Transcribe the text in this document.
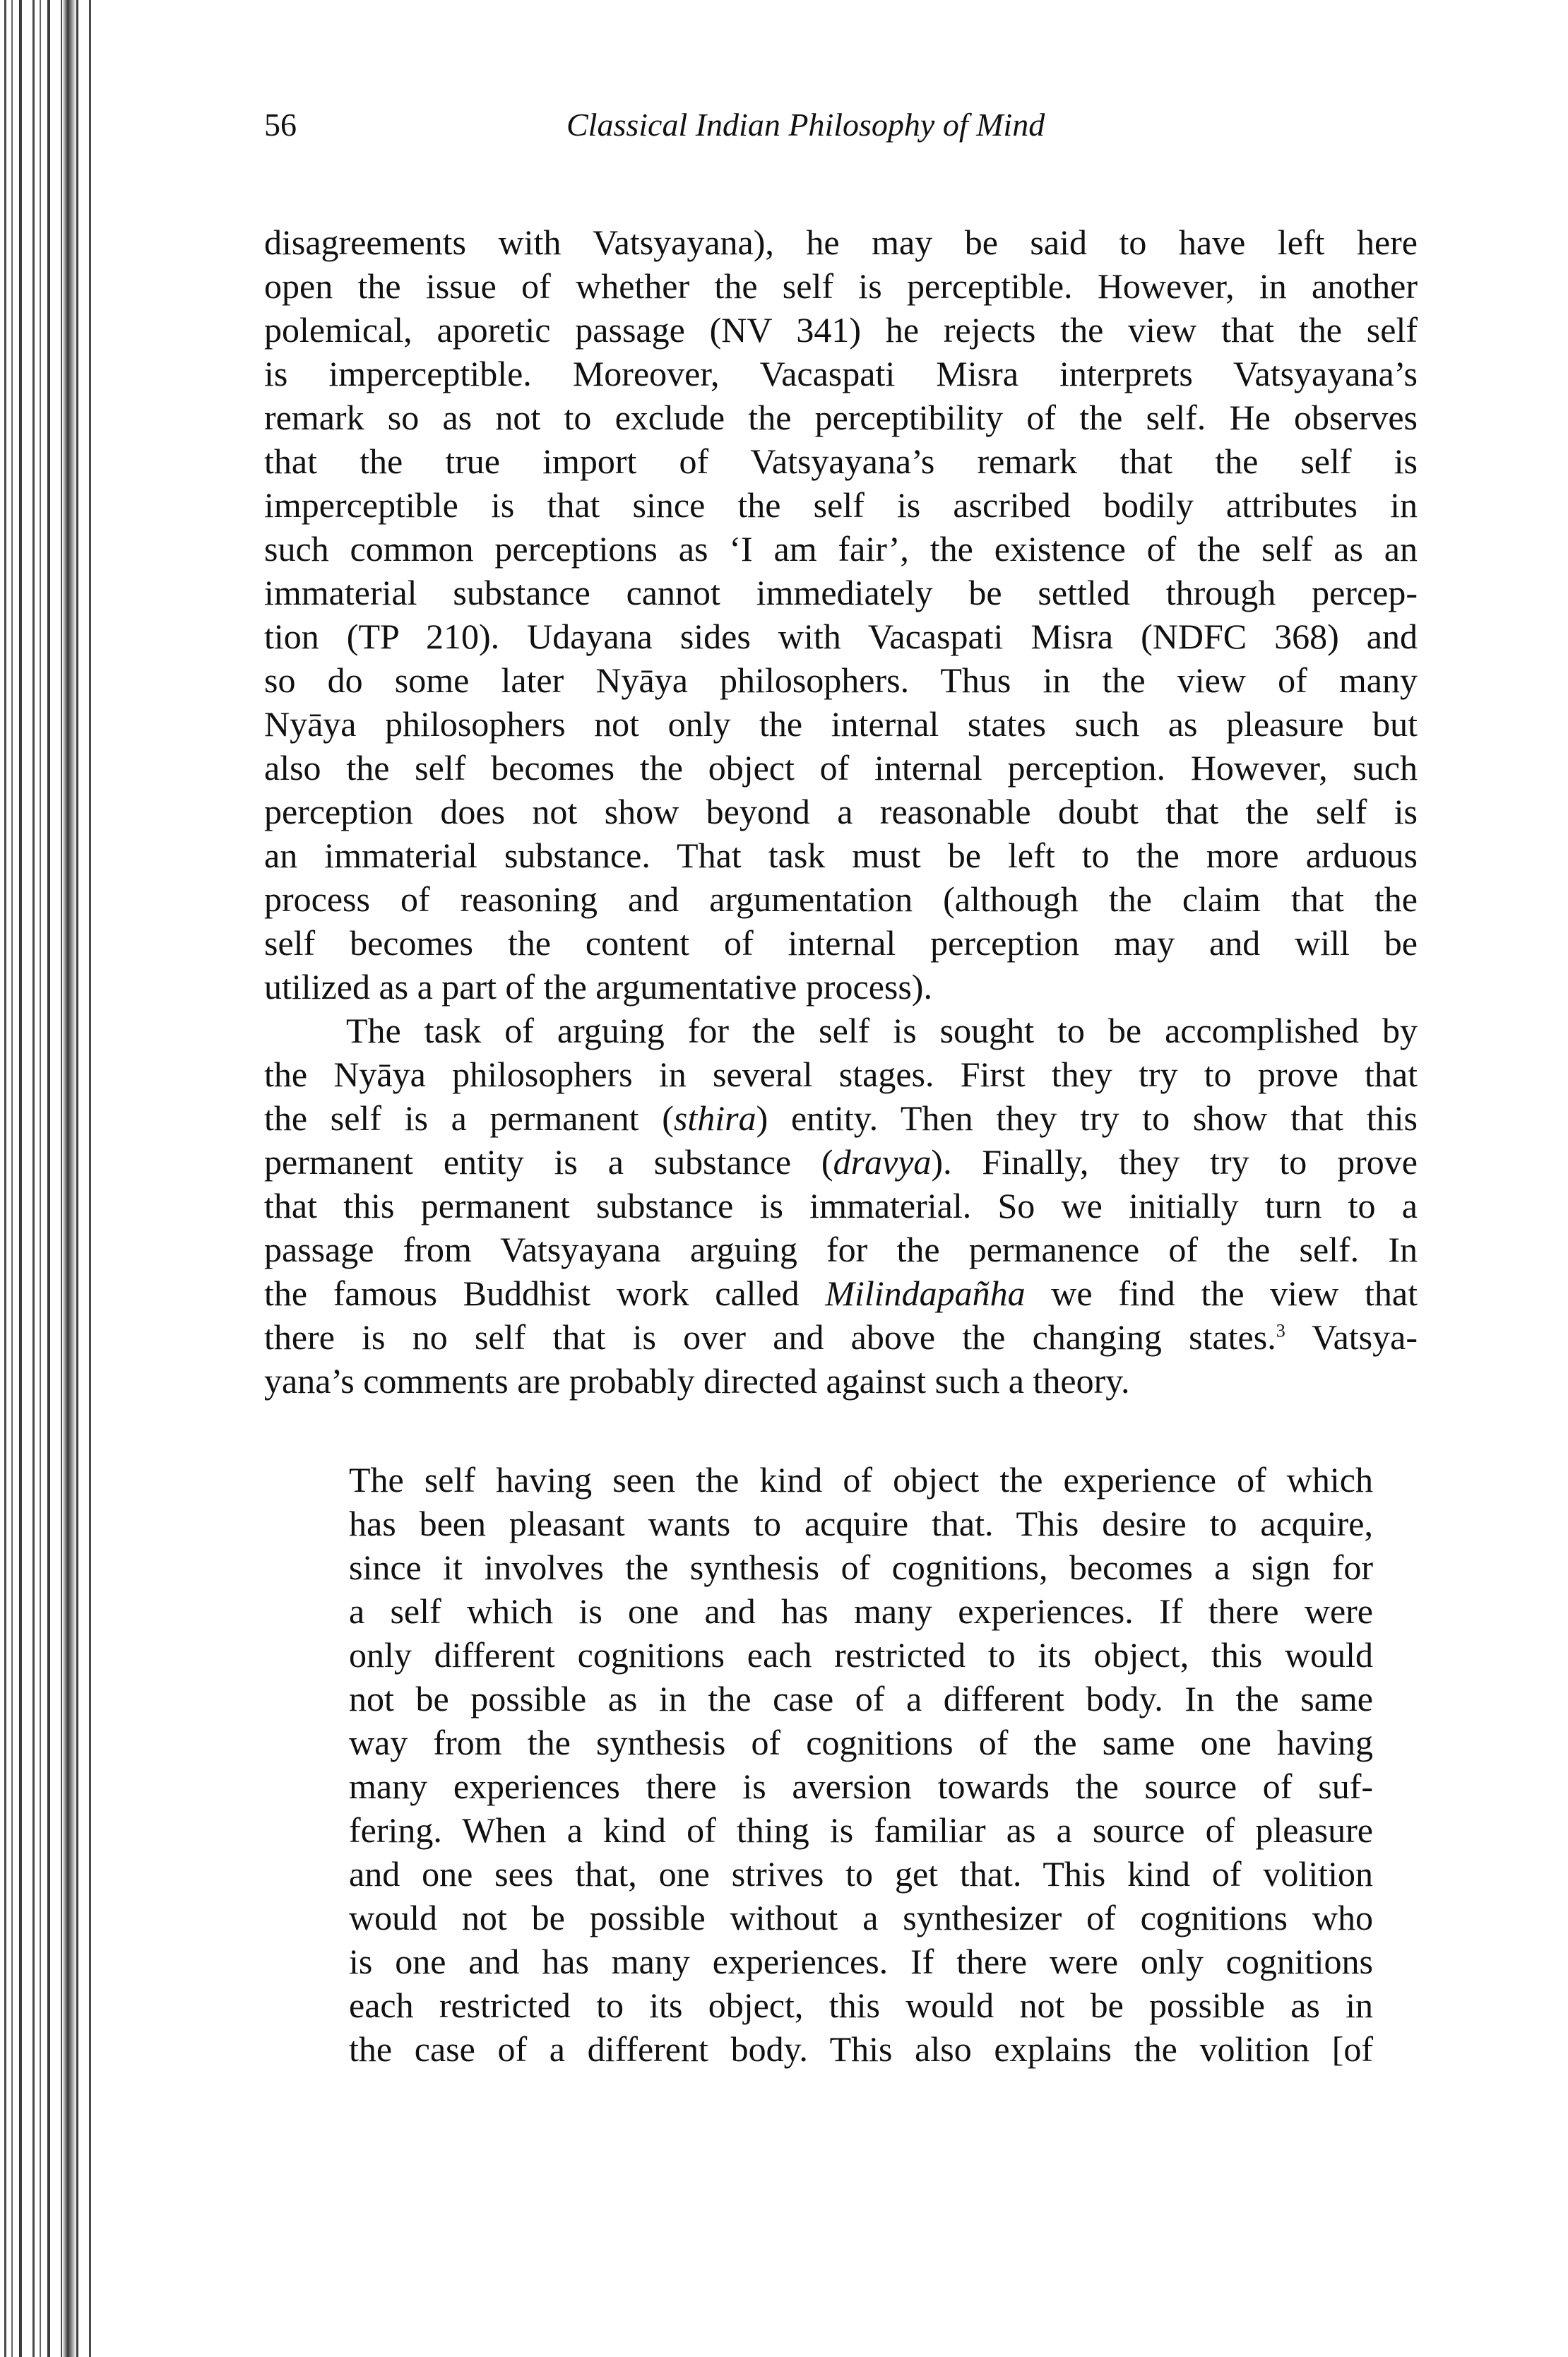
56	Classical Indian Philosophy of Mind
disagreements with Vatsyayana), he may be said to have left here
open the issue of whether the self is perceptible. However, in another
polemical, aporetic passage (NV 341) he rejects the view that the self
is imperceptible. Moreover, Vacaspati Misra interprets Vatsyayana’s
remark so as not to exclude the perceptibility of the self. He observes
that the true import of Vatsyayana’s remark that the self is
imperceptible is that since the self is ascribed bodily attributes in
such common perceptions as ‘I am fair’, the existence of the self as an
immaterial substance cannot immediately be settled through percep-
tion (TP 210). Udayana sides with Vacaspati Misra (NDFC 368) and
so do some later Nyāya philosophers. Thus in the view of many
Nyāya philosophers not only the internal states such as pleasure but
also the self becomes the object of internal perception. However, such
perception does not show beyond a reasonable doubt that the self is
an immaterial substance. That task must be left to the more arduous
process of reasoning and argumentation (although the claim that the
self becomes the content of internal perception may and will be
utilized as a part of the argumentative process).
The task of arguing for the self is sought to be accomplished by
the Nyāya philosophers in several stages. First they try to prove that
the self is a permanent (sthira) entity. Then they try to show that this
permanent entity is a substance (dravya). Finally, they try to prove
that this permanent substance is immaterial. So we initially turn to a
passage from Vatsyayana arguing for the permanence of the self. In
the famous Buddhist work called Milindapañha we find the view that
there is no self that is over and above the changing states.$^3$ Vatsya-
yana’s comments are probably directed against such a theory.
The self having seen the kind of object the experience of which
has been pleasant wants to acquire that. This desire to acquire,
since it involves the synthesis of cognitions, becomes a sign for
a self which is one and has many experiences. If there were
only different cognitions each restricted to its object, this would
not be possible as in the case of a different body. In the same
way from the synthesis of cognitions of the same one having
many experiences there is aversion towards the source of suf-
fering. When a kind of thing is familiar as a source of pleasure
and one sees that, one strives to get that. This kind of volition
would not be possible without a synthesizer of cognitions who
is one and has many experiences. If there were only cognitions
each restricted to its object, this would not be possible as in
the case of a different body. This also explains the volition [of
